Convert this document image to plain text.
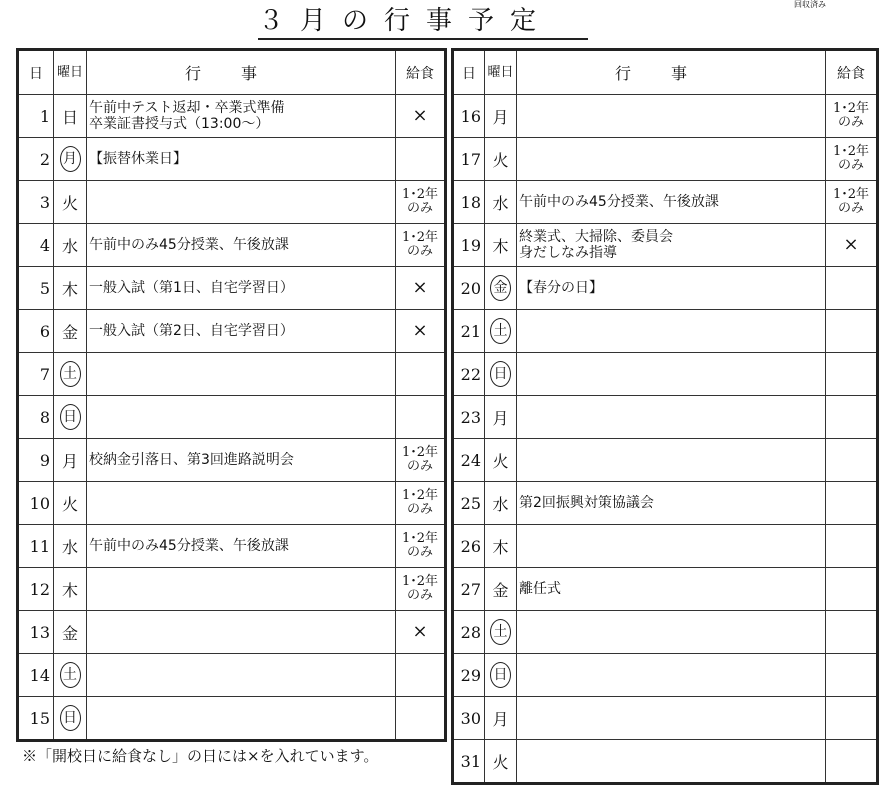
３月の行事予定
回収済み
日	曜日	行事	給食
1	日	午前中テスト返却・卒業式準備
卒業証書授与式（13:00～）	×
2	月	【振替休業日】	

3	火		1･2年
のみ

4	水	午前中のみ45分授業、午後放課	1･2年
のみ

5	木	一般入試（第1日、自宅学習日）	×
6	金	一般入試（第2日、自宅学習日）	×
7	土		
8	日		
9	月	校納金引落日、第3回進路説明会	1･2年
のみ

10	火		1･2年
のみ

11	水	午前中のみ45分授業、午後放課	1･2年
のみ

12	木		1･2年
のみ

13	金		×
14	土		
15	日		
日	曜日	行事	給食
16	月		1･2年
のみ

17	火		1･2年
のみ

18	水	午前中のみ45分授業、午後放課	1･2年
のみ

19	木	終業式、大掃除、委員会
身だしなみ指導	×
20	金	【春分の日】	

21	土		
22	日		
23	月		
24	火		
25	水	第2回振興対策協議会	

26	木		
27	金	離任式	

28	土		
29	日		
30	月		
31	火		
※「開校日に給食なし」の日には×を入れています。
